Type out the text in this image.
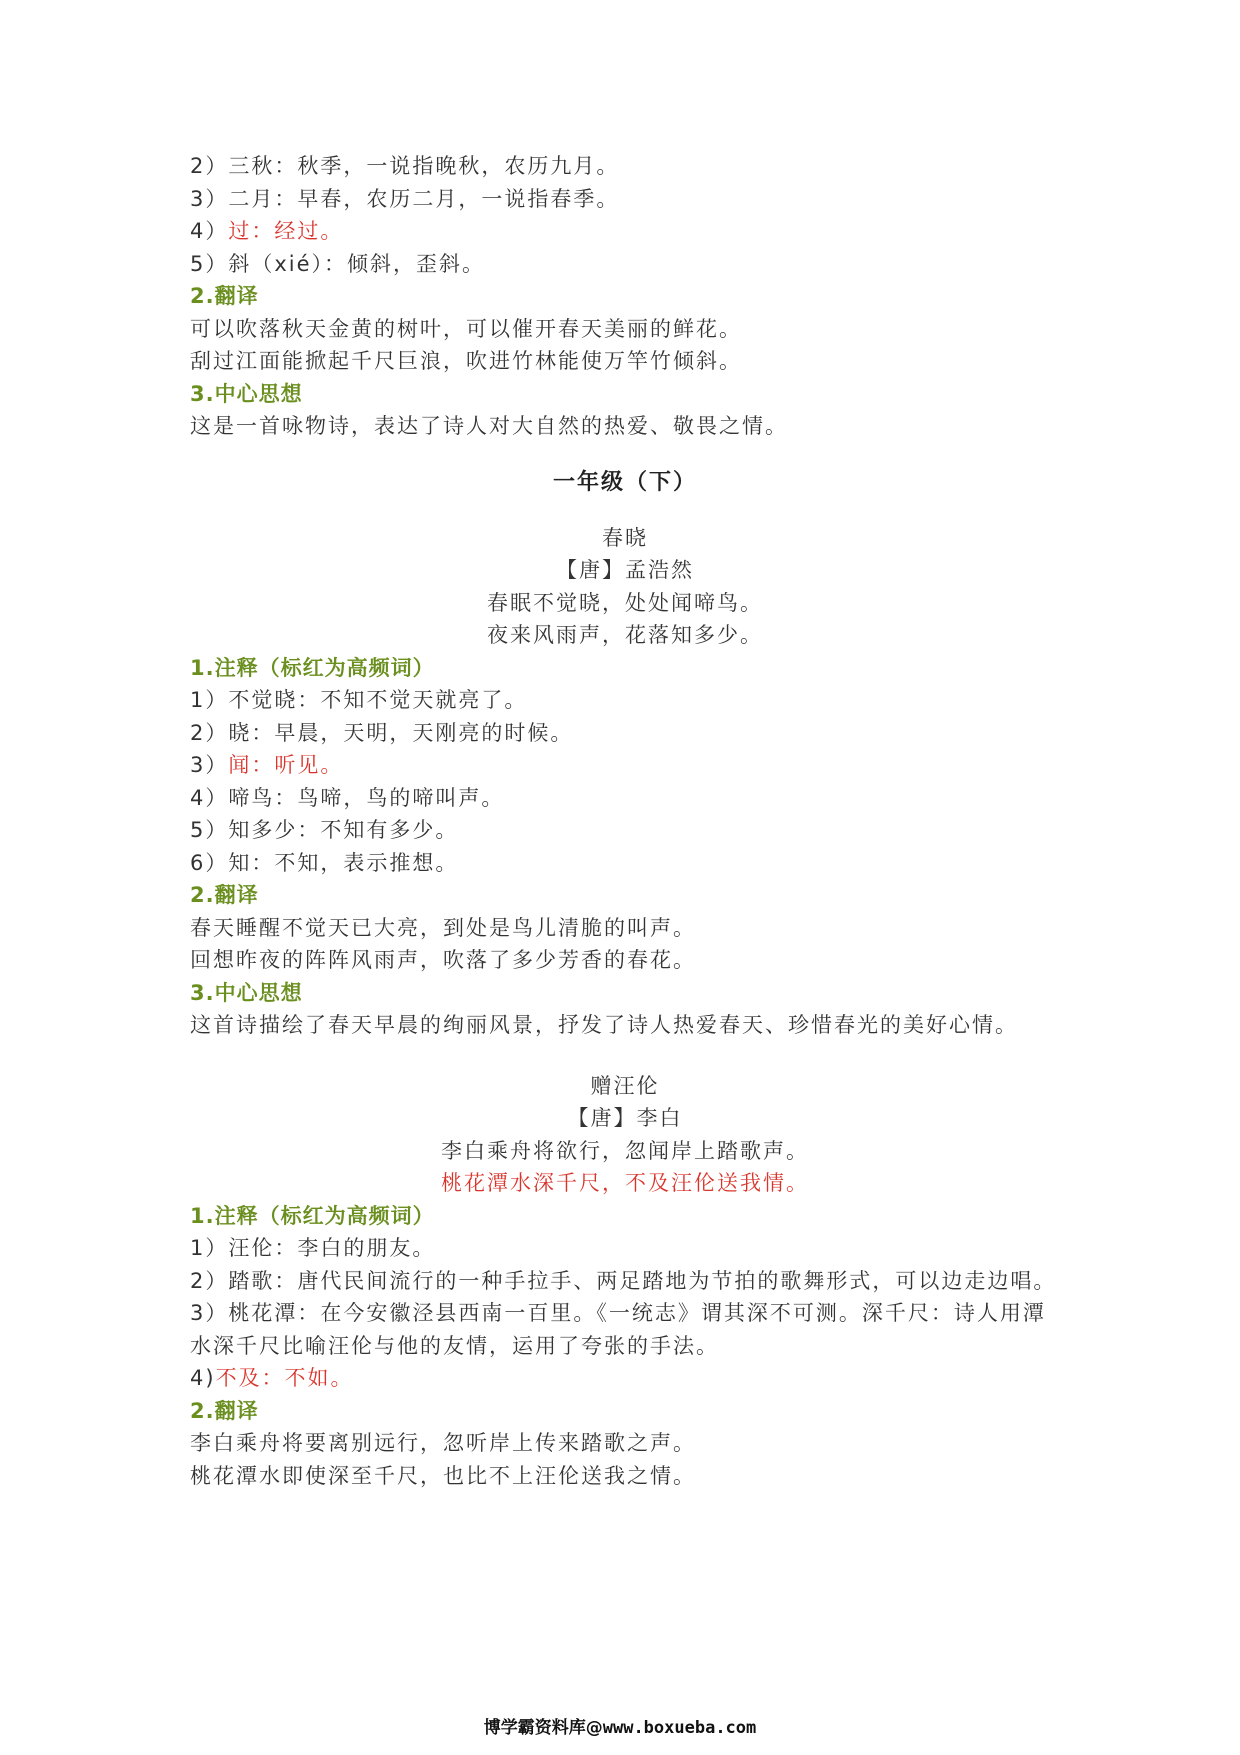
2）三秋：秋季，一说指晚秋，农历九月。
3）二月：早春，农历二月，一说指春季。
4）过：经过。
5）斜（xié）：倾斜，歪斜。
2.翻译
可以吹落秋天金黄的树叶，可以催开春天美丽的鲜花。
刮过江面能掀起千尺巨浪，吹进竹林能使万竿竹倾斜。
3.中心思想
这是一首咏物诗，表达了诗人对大自然的热爱、敬畏之情。
一年级（下）
春晓
【唐】孟浩然
春眠不觉晓，处处闻啼鸟。
夜来风雨声，花落知多少。
1.注释（标红为高频词）
1）不觉晓：不知不觉天就亮了。
2）晓：早晨，天明，天刚亮的时候。
3）闻：听见。
4）啼鸟：鸟啼，鸟的啼叫声。
5）知多少：不知有多少。
6）知：不知，表示推想。
2.翻译
春天睡醒不觉天已大亮，到处是鸟儿清脆的叫声。
回想昨夜的阵阵风雨声，吹落了多少芳香的春花。
3.中心思想
这首诗描绘了春天早晨的绚丽风景，抒发了诗人热爱春天、珍惜春光的美好心情。
赠汪伦
【唐】李白
李白乘舟将欲行，忽闻岸上踏歌声。
桃花潭水深千尺，不及汪伦送我情。
1.注释（标红为高频词）
1）汪伦：李白的朋友。
2）踏歌：唐代民间流行的一种手拉手、两足踏地为节拍的歌舞形式，可以边走边唱。
3）桃花潭：在今安徽泾县西南一百里。《一统志》谓其深不可测。深千尺：诗人用潭水深千尺比喻汪伦与他的友情，运用了夸张的手法。
4)不及：不如。
2.翻译
李白乘舟将要离别远行，忽听岸上传来踏歌之声。
桃花潭水即使深至千尺，也比不上汪伦送我之情。
博学霸资料库@www.boxueba.com
